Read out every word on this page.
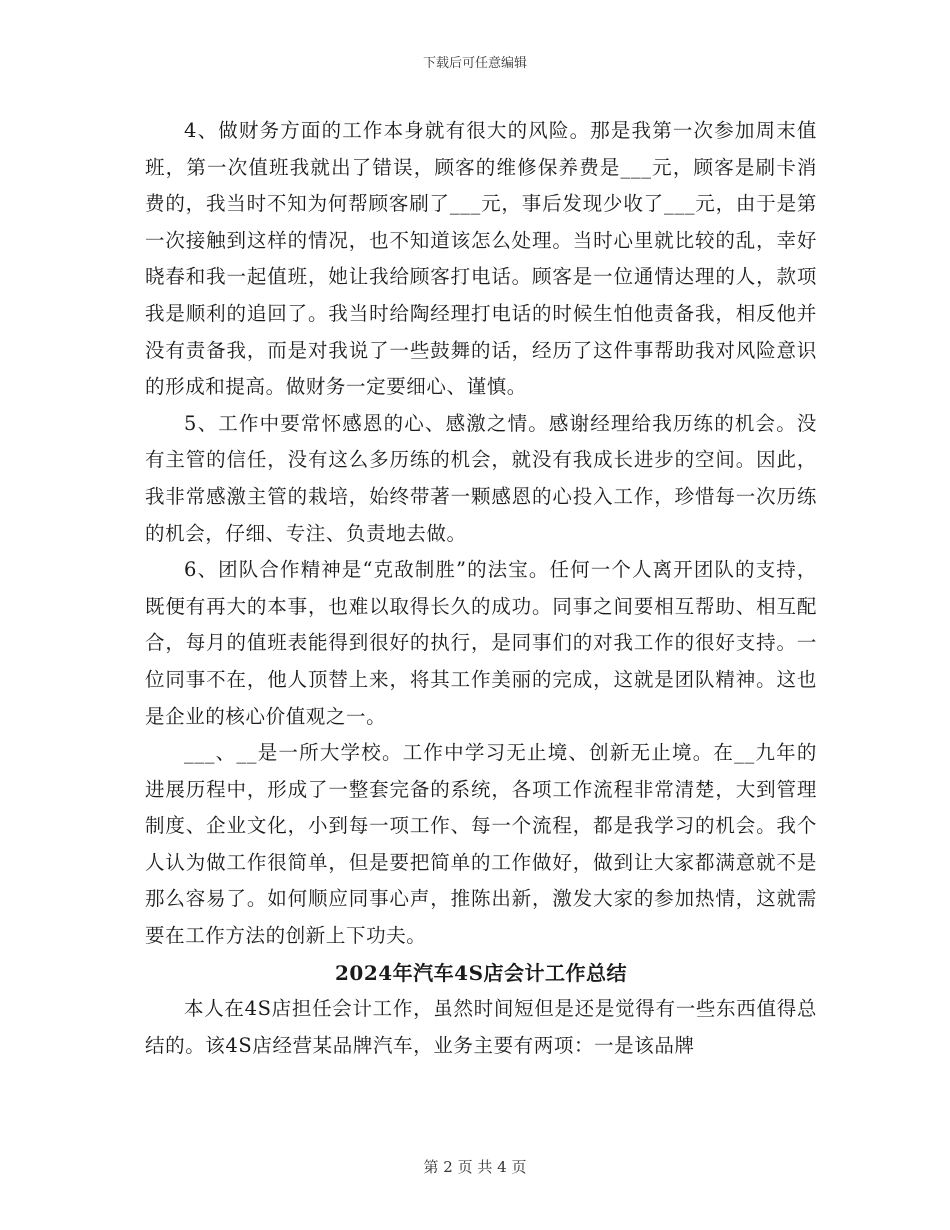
下载后可任意编辑

4、做财务方面的工作本身就有很大的风险。那是我第一次参加周末值班，第一次值班我就出了错误，顾客的维修保养费是___元，顾客是刷卡消费的，我当时不知为何帮顾客刷了___元，事后发现少收了___元，由于是第一次接触到这样的情况，也不知道该怎么处理。当时心里就比较的乱，幸好晓春和我一起值班，她让我给顾客打电话。顾客是一位通情达理的人，款项我是顺利的追回了。我当时给陶经理打电话的时候生怕他责备我，相反他并没有责备我，而是对我说了一些鼓舞的话，经历了这件事帮助我对风险意识的形成和提高。做财务一定要细心、谨慎。

5、工作中要常怀感恩的心、感激之情。感谢经理给我历练的机会。没有主管的信任，没有这么多历练的机会，就没有我成长进步的空间。因此，我非常感激主管的栽培，始终带著一颗感恩的心投入工作，珍惜每一次历练的机会，仔细、专注、负责地去做。

6、团队合作精神是“克敌制胜”的法宝。任何一个人离开团队的支持，既便有再大的本事，也难以取得长久的成功。同事之间要相互帮助、相互配合，每月的值班表能得到很好的执行，是同事们的对我工作的很好支持。一位同事不在，他人顶替上来，将其工作美丽的完成，这就是团队精神。这也是企业的核心价值观之一。

___、__是一所大学校。工作中学习无止境、创新无止境。在__九年的进展历程中，形成了一整套完备的系统，各项工作流程非常清楚，大到管理制度、企业文化，小到每一项工作、每一个流程，都是我学习的机会。我个人认为做工作很简单，但是要把简单的工作做好，做到让大家都满意就不是那么容易了。如何顺应同事心声，推陈出新，激发大家的参加热情，这就需要在工作方法的创新上下功夫。

2024年汽车4S店会计工作总结

本人在4S店担任会计工作，虽然时间短但是还是觉得有一些东西值得总结的。该4S店经营某品牌汽车，业务主要有两项：一是该品牌

第 2 页 共 4 页
